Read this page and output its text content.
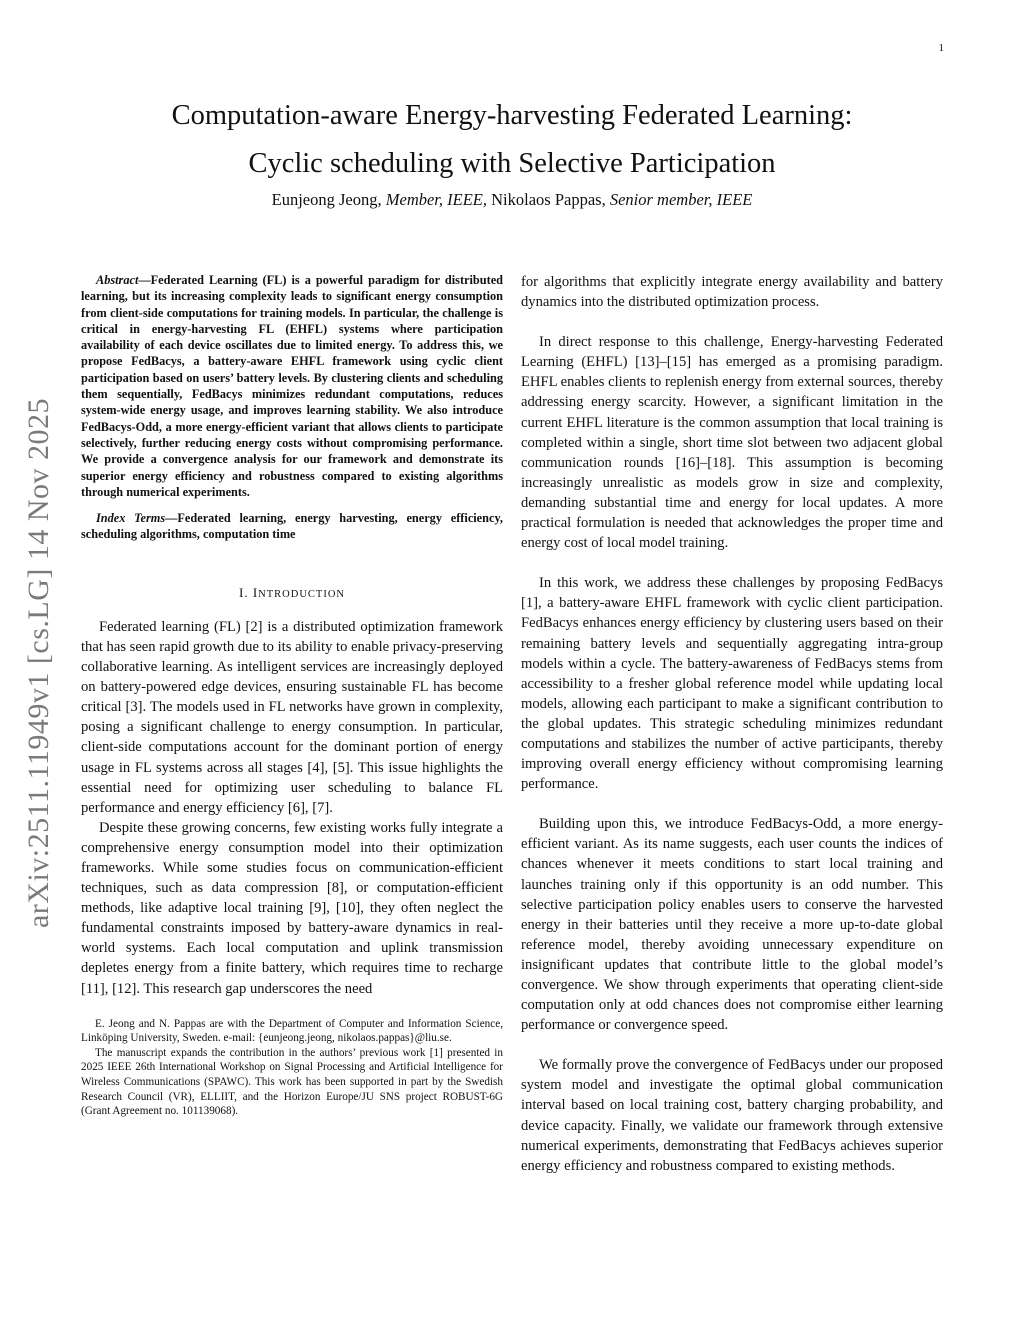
1
arXiv:2511.11949v1 [cs.LG] 14 Nov 2025
Computation-aware Energy-harvesting Federated Learning:
Cyclic scheduling with Selective Participation
Eunjeong Jeong, Member, IEEE, Nikolaos Pappas, Senior member, IEEE

Abstract—Federated Learning (FL) is a powerful paradigm for distributed learning, but its increasing complexity leads to significant energy consumption from client-side computations for training models. In particular, the challenge is critical in energy-harvesting FL (EHFL) systems where participation availability of each device oscillates due to limited energy. To address this, we propose FedBacys, a battery-aware EHFL framework using cyclic client participation based on users’ battery levels. By clustering clients and scheduling them sequentially, FedBacys minimizes redundant computations, reduces system-wide energy usage, and improves learning stability. We also introduce FedBacys-Odd, a more energy-efficient variant that allows clients to participate selectively, further reducing energy costs without compromising performance. We provide a convergence analysis for our framework and demonstrate its superior energy efficiency and robustness compared to existing algorithms through numerical experiments.

Index Terms—Federated learning, energy harvesting, energy efficiency, scheduling algorithms, computation time

I. INTRODUCTION

Federated learning (FL) [2] is a distributed optimization framework that has seen rapid growth due to its ability to enable privacy-preserving collaborative learning. As intelligent services are increasingly deployed on battery-powered edge devices, ensuring sustainable FL has become critical [3]. The models used in FL networks have grown in complexity, posing a significant challenge to energy consumption. In particular, client-side computations account for the dominant portion of energy usage in FL systems across all stages [4], [5]. This issue highlights the essential need for optimizing user scheduling to balance FL performance and energy efficiency [6], [7].

Despite these growing concerns, few existing works fully integrate a comprehensive energy consumption model into their optimization frameworks. While some studies focus on communication-efficient techniques, such as data compression [8], or computation-efficient methods, like adaptive local training [9], [10], they often neglect the fundamental constraints imposed by battery-aware dynamics in real-world systems. Each local computation and uplink transmission depletes energy from a finite battery, which requires time to recharge [11], [12]. This research gap underscores the need

E. Jeong and N. Pappas are with the Department of Computer and Information Science, Linköping University, Sweden. e-mail: {eunjeong.jeong, nikolaos.pappas}@liu.se.

The manuscript expands the contribution in the authors’ previous work [1] presented in 2025 IEEE 26th International Workshop on Signal Processing and Artificial Intelligence for Wireless Communications (SPAWC). This work has been supported in part by the Swedish Research Council (VR), ELLIIT, and the Horizon Europe/JU SNS project ROBUST-6G (Grant Agreement no. 101139068).

for algorithms that explicitly integrate energy availability and battery dynamics into the distributed optimization process.

In direct response to this challenge, Energy-harvesting Federated Learning (EHFL) [13]–[15] has emerged as a promising paradigm. EHFL enables clients to replenish energy from external sources, thereby addressing energy scarcity. However, a significant limitation in the current EHFL literature is the common assumption that local training is completed within a single, short time slot between two adjacent global communication rounds [16]–[18]. This assumption is becoming increasingly unrealistic as models grow in size and complexity, demanding substantial time and energy for local updates. A more practical formulation is needed that acknowledges the proper time and energy cost of local model training.

In this work, we address these challenges by proposing FedBacys [1], a battery-aware EHFL framework with cyclic client participation. FedBacys enhances energy efficiency by clustering users based on their remaining battery levels and sequentially aggregating intra-group models within a cycle. The battery-awareness of FedBacys stems from accessibility to a fresher global reference model while updating local models, allowing each participant to make a significant contribution to the global updates. This strategic scheduling minimizes redundant computations and stabilizes the number of active participants, thereby improving overall energy efficiency without compromising learning performance.

Building upon this, we introduce FedBacys-Odd, a more energy-efficient variant. As its name suggests, each user counts the indices of chances whenever it meets conditions to start local training and launches training only if this opportunity is an odd number. This selective participation policy enables users to conserve the harvested energy in their batteries until they receive a more up-to-date global reference model, thereby avoiding unnecessary expenditure on insignificant updates that contribute little to the global model’s convergence. We show through experiments that operating client-side computation only at odd chances does not compromise either learning performance or convergence speed.

We formally prove the convergence of FedBacys under our proposed system model and investigate the optimal global communication interval based on local training cost, battery charging probability, and device capacity. Finally, we validate our framework through extensive numerical experiments, demonstrating that FedBacys achieves superior energy efficiency and robustness compared to existing methods.
